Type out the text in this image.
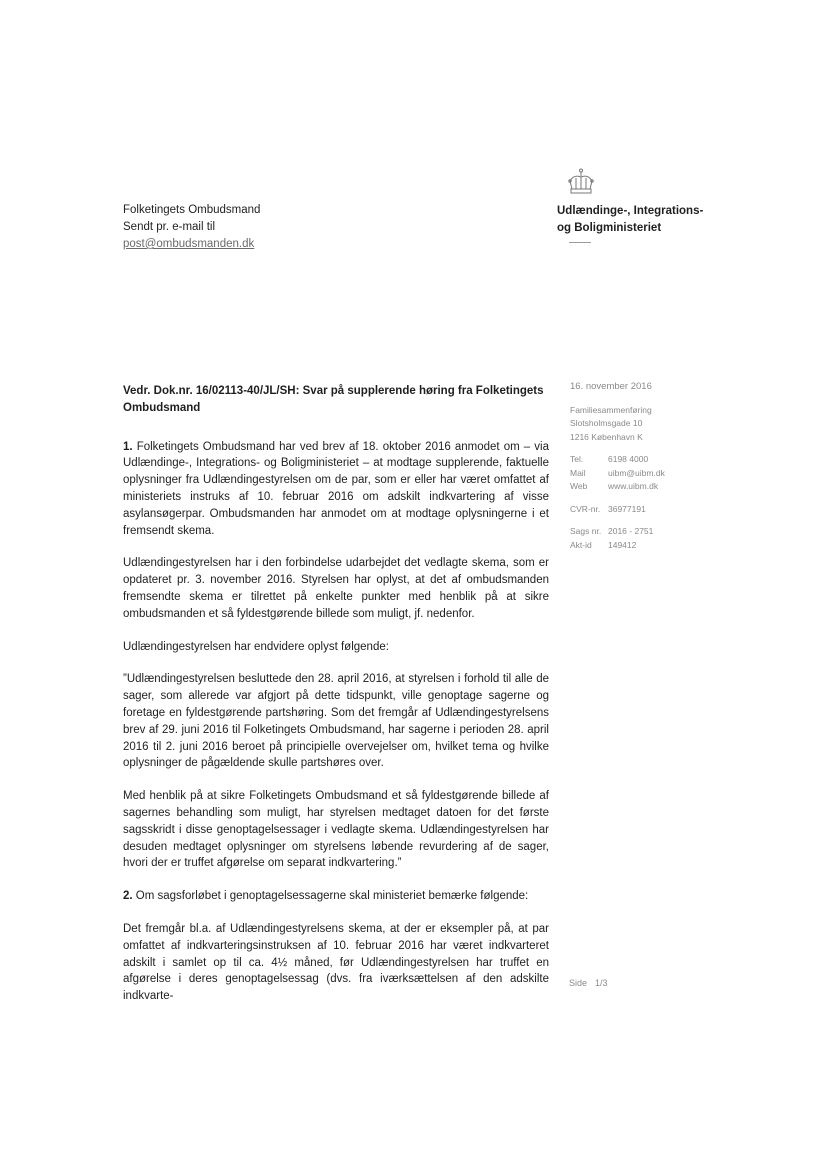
Folketingets Ombudsmand
Sendt pr. e-mail til
post@ombudsmanden.dk
Udlændinge-, Integrations-
og Boligministeriet

Vedr. Dok.nr. 16/02113-40/JL/SH: Svar på supplerende høring fra Folketingets Ombudsmand

1. Folketingets Ombudsmand har ved brev af 18. oktober 2016 anmodet om – via Udlændinge-, Integrations- og Boligministeriet – at modtage supplerende, faktuelle oplysninger fra Udlændingestyrelsen om de par, som er eller har været omfattet af ministeriets instruks af 10. februar 2016 om adskilt indkvartering af visse asylansøgerpar. Ombudsmanden har anmodet om at modtage oplysningerne i et fremsendt skema.

Udlændingestyrelsen har i den forbindelse udarbejdet det vedlagte skema, som er opdateret pr. 3. november 2016. Styrelsen har oplyst, at det af ombudsmanden fremsendte skema er tilrettet på enkelte punkter med henblik på at sikre ombudsmanden et så fyldestgørende billede som muligt, jf. nedenfor.

Udlændingestyrelsen har endvidere oplyst følgende:

”Udlændingestyrelsen besluttede den 28. april 2016, at styrelsen i forhold til alle de sager, som allerede var afgjort på dette tidspunkt, ville genoptage sagerne og foretage en fyldestgørende partshøring. Som det fremgår af Udlændingestyrelsens brev af 29. juni 2016 til Folketingets Ombudsmand, har sagerne i perioden 28. april 2016 til 2. juni 2016 beroet på principielle overvejelser om, hvilket tema og hvilke oplysninger de pågældende skulle partshøres over.

Med henblik på at sikre Folketingets Ombudsmand et så fyldestgørende billede af sagernes behandling som muligt, har styrelsen medtaget datoen for det første sagsskridt i disse genoptagelsessager i vedlagte skema. Udlændingestyrelsen har desuden medtaget oplysninger om styrelsens løbende revurdering af de sager, hvori der er truffet afgørelse om separat indkvartering.”

2. Om sagsforløbet i genoptagelsessagerne skal ministeriet bemærke følgende:

Det fremgår bl.a. af Udlændingestyrelsens skema, at der er eksempler på, at par omfattet af indkvarteringsinstruksen af 10. februar 2016 har været indkvarteret adskilt i samlet op til ca. 4½ måned, før Udlændingestyrelsen har truffet en afgørelse i deres genoptagelsessag (dvs. fra iværksættelsen af den adskilte indkvarte-

16. november 2016
Familiesammenføring
Slotsholmsgade 10
1216 København K
Tel.	6198 4000
Mail	uibm@uibm.dk
Web	www.uibm.dk
CVR-nr. 36977191
Sags nr. 2016 - 2751
Akt-id	149412
Side 1/3
